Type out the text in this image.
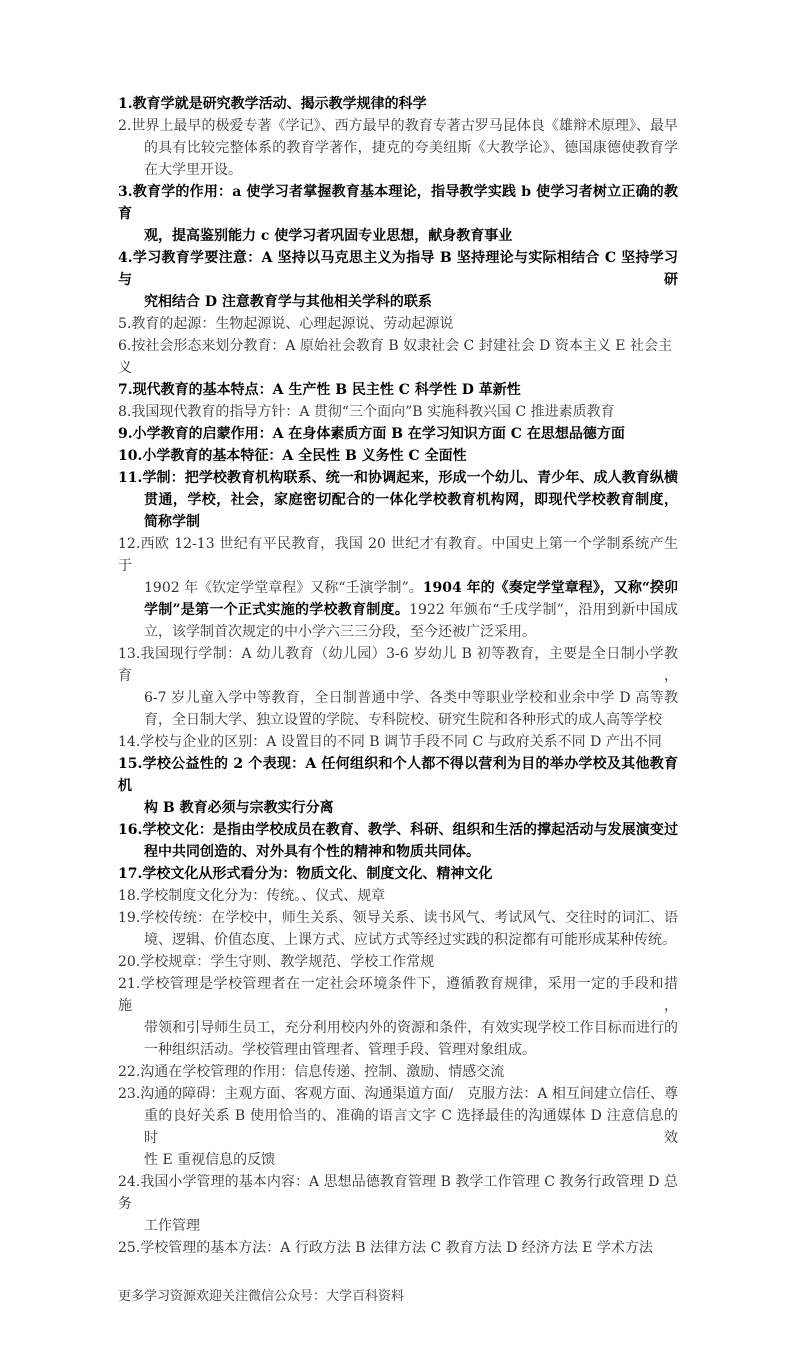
1.教育学就是研究教学活动、揭示教学规律的科学
2.世界上最早的极爱专著《学记》、西方最早的教育专著古罗马昆体良《雄辩术原理》、最早
的具有比较完整体系的教育学著作，捷克的夸美纽斯《大教学论》、德国康德使教育学
在大学里开设。
3.教育学的作用：a 使学习者掌握教育基本理论，指导教学实践 b 使学习者树立正确的教育
观，提高鉴别能力 c 使学习者巩固专业思想，献身教育事业
4.学习教育学要注意：A 坚持以马克思主义为指导 B 坚持理论与实际相结合 C 坚持学习与研
究相结合 D 注意教育学与其他相关学科的联系
5.教育的起源：生物起源说、心理起源说、劳动起源说
6.按社会形态来划分教育：A 原始社会教育 B 奴隶社会 C 封建社会 D 资本主义 E 社会主义
7.现代教育的基本特点：A 生产性 B 民主性 C 科学性 D 革新性
8.我国现代教育的指导方针：A 贯彻“三个面向”B 实施科教兴国 C 推进素质教育
9.小学教育的启蒙作用：A 在身体素质方面 B 在学习知识方面 C 在思想品德方面
10.小学教育的基本特征：A 全民性 B 义务性 C 全面性
11.学制：把学校教育机构联系、统一和协调起来，形成一个幼儿、青少年、成人教育纵横
贯通，学校，社会，家庭密切配合的一体化学校教育机构网，即现代学校教育制度，
简称学制
12.西欧 12-13 世纪有平民教育，我国 20 世纪才有教育。中国史上第一个学制系统产生于
1902 年《钦定学堂章程》又称“壬演学制”。1904 年的《奏定学堂章程》，又称“揆卯
学制”是第一个正式实施的学校教育制度。1922 年颁布“壬戌学制”，沿用到新中国成
立，该学制首次规定的中小学六三三分段，至今还被广泛采用。
13.我国现行学制：A 幼儿教育（幼儿园）3-6 岁幼儿 B 初等教育，主要是全日制小学教育，
6-7 岁儿童入学中等教育，全日制普通中学、各类中等职业学校和业余中学 D 高等教
育，全日制大学、独立设置的学院、专科院校、研究生院和各种形式的成人高等学校
14.学校与企业的区别：A 设置目的不同 B 调节手段不同 C 与政府关系不同 D 产出不同
15.学校公益性的 2 个表现：A 任何组织和个人都不得以营利为目的举办学校及其他教育机
构 B 教育必须与宗教实行分离
16.学校文化：是指由学校成员在教育、教学、科研、组织和生活的撑起活动与发展演变过
程中共同创造的、对外具有个性的精神和物质共同体。
17.学校文化从形式看分为：物质文化、制度文化、精神文化
18.学校制度文化分为：传统。、仪式、规章
19.学校传统：在学校中，师生关系、领导关系、读书风气、考试风气、交往时的词汇、语
境、逻辑、价值态度、上课方式、应试方式等经过实践的积淀都有可能形成某种传统。
20.学校规章：学生守则、教学规范、学校工作常规
21.学校管理是学校管理者在一定社会环境条件下，遵循教育规律，采用一定的手段和措施，
带领和引导师生员工，充分利用校内外的资源和条件，有效实现学校工作目标而进行的
一种组织活动。学校管理由管理者、管理手段、管理对象组成。
22.沟通在学校管理的作用：信息传递、控制、激励、情感交流
23.沟通的障碍：主观方面、客观方面、沟通渠道方面/　克服方法：A 相互间建立信任、尊
重的良好关系 B 使用恰当的、准确的语言文字 C 选择最佳的沟通媒体 D 注意信息的时效
性 E 重视信息的反馈
24.我国小学管理的基本内容：A 思想品德教育管理 B 教学工作管理 C 教务行政管理 D 总务
工作管理
25.学校管理的基本方法：A 行政方法 B 法律方法 C 教育方法 D 经济方法 E 学术方法
更多学习资源欢迎关注微信公众号：大学百科资料
